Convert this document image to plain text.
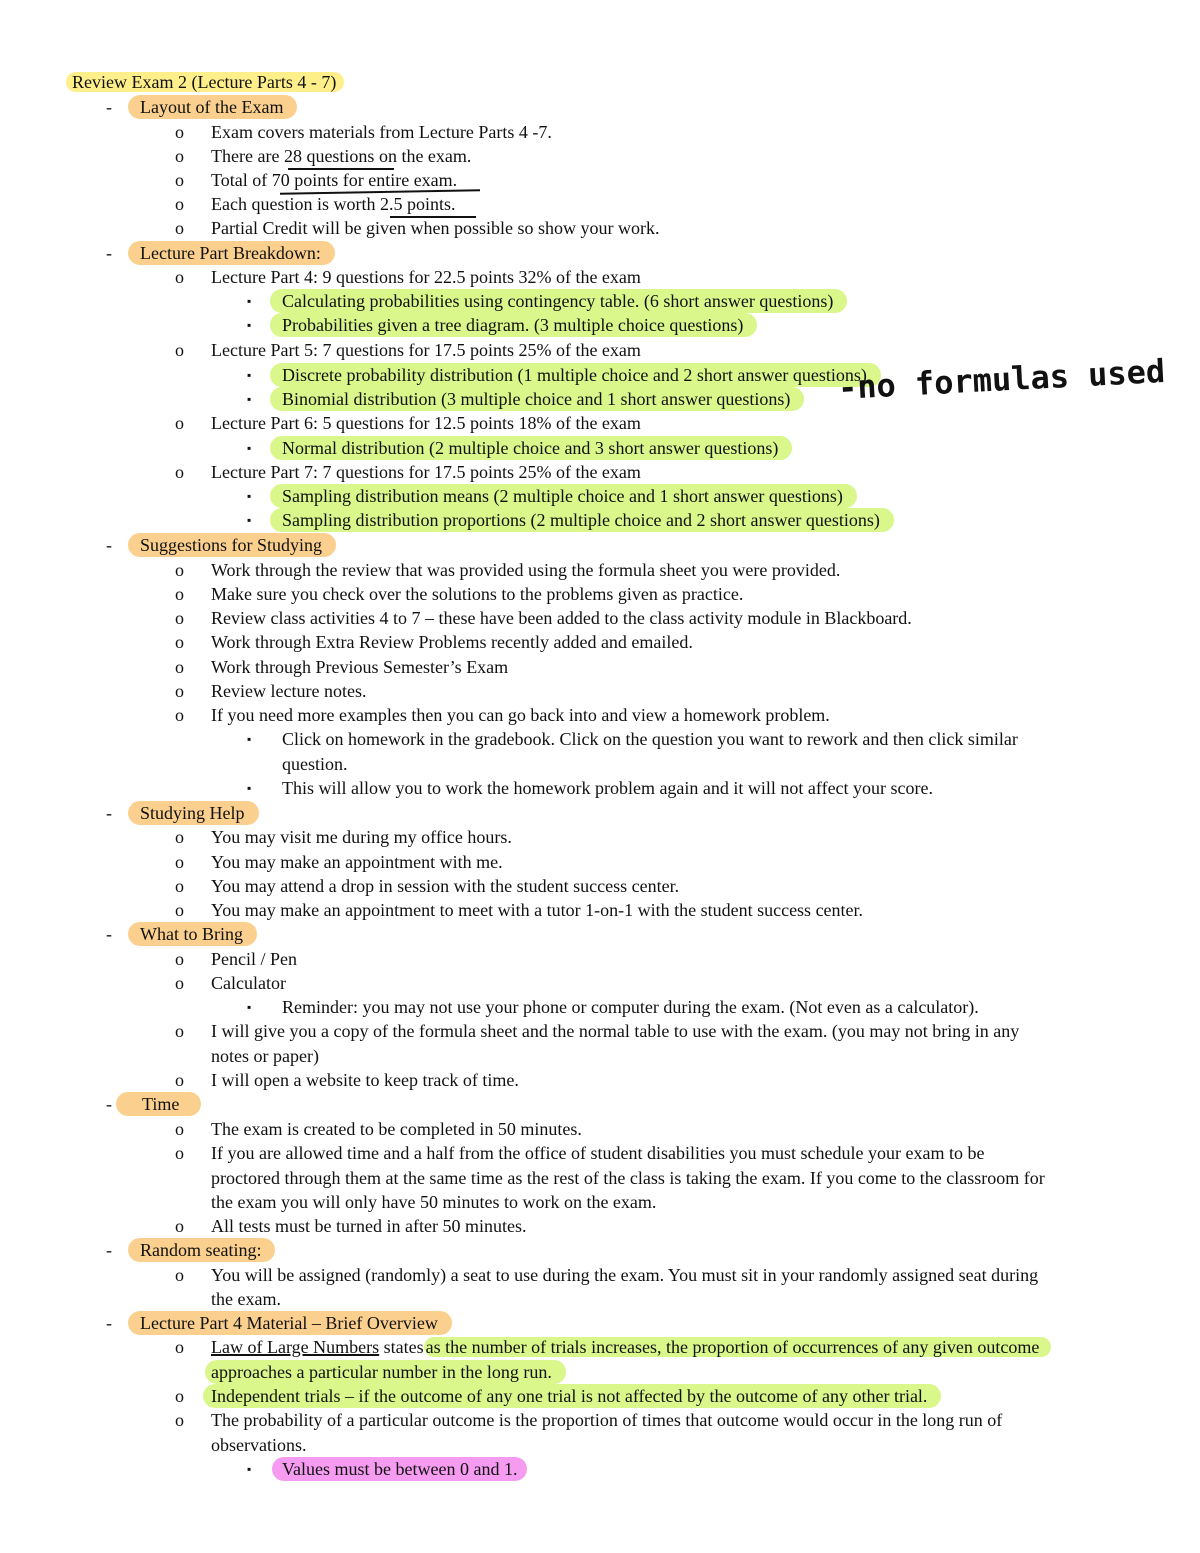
Review Exam 2 (Lecture Parts 4 - 7)
-	Layout of the Exam
o Exam covers materials from Lecture Parts 4 -7.
o There are 28 questions on the exam.
o Total of 70 points for entire exam.
o Each question is worth 2.5 points.
o Partial Credit will be given when possible so show your work.
-	Lecture Part Breakdown:
o Lecture Part 4: 9 questions for 22.5 points 32% of the exam
▪	Calculating probabilities using contingency table. (6 short answer questions)
▪	Probabilities given a tree diagram. (3 multiple choice questions)
o Lecture Part 5: 7 questions for 17.5 points 25% of the exam
▪	Discrete probability distribution (1 multiple choice and 2 short answer questions)
▪	Binomial distribution (3 multiple choice and 1 short answer questions)	-no formulas used
o Lecture Part 6: 5 questions for 12.5 points 18% of the exam
▪	Normal distribution (2 multiple choice and 3 short answer questions)
o Lecture Part 7: 7 questions for 17.5 points 25% of the exam
▪	Sampling distribution means (2 multiple choice and 1 short answer questions)
▪	Sampling distribution proportions (2 multiple choice and 2 short answer questions)
-	Suggestions for Studying
o Work through the review that was provided using the formula sheet you were provided.
o Make sure you check over the solutions to the problems given as practice.
o Review class activities 4 to 7 – these have been added to the class activity module in Blackboard.
o Work through Extra Review Problems recently added and emailed.
o Work through Previous Semester’s Exam
o Review lecture notes.
o If you need more examples then you can go back into and view a homework problem.
▪ Click on homework in the gradebook. Click on the question you want to rework and then click similar
question.
▪ This will allow you to work the homework problem again and it will not affect your score.
-	Studying Help
o You may visit me during my office hours.
o You may make an appointment with me.
o You may attend a drop in session with the student success center.
o You may make an appointment to meet with a tutor 1-on-1 with the student success center.
-	What to Bring
o Pencil / Pen
o Calculator
▪ Reminder: you may not use your phone or computer during the exam. (Not even as a calculator).
o I will give you a copy of the formula sheet and the normal table to use with the exam. (you may not bring in any
notes or paper)
o I will open a website to keep track of time.
-	Time
o The exam is created to be completed in 50 minutes.
o If you are allowed time and a half from the office of student disabilities you must schedule your exam to be
proctored through them at the same time as the rest of the class is taking the exam. If you come to the classroom for
the exam you will only have 50 minutes to work on the exam.
o All tests must be turned in after 50 minutes.
-	Random seating:
o You will be assigned (randomly) a seat to use during the exam. You must sit in your randomly assigned seat during
the exam.
-	Lecture Part 4 Material – Brief Overview
o Law of Large Numbers states as the number of trials increases, the proportion of occurrences of any given outcome
approaches a particular number in the long run.
o	Independent trials – if the outcome of any one trial is not affected by the outcome of any other trial.
o The probability of a particular outcome is the proportion of times that outcome would occur in the long run of
observations.
▪	Values must be between 0 and 1.
